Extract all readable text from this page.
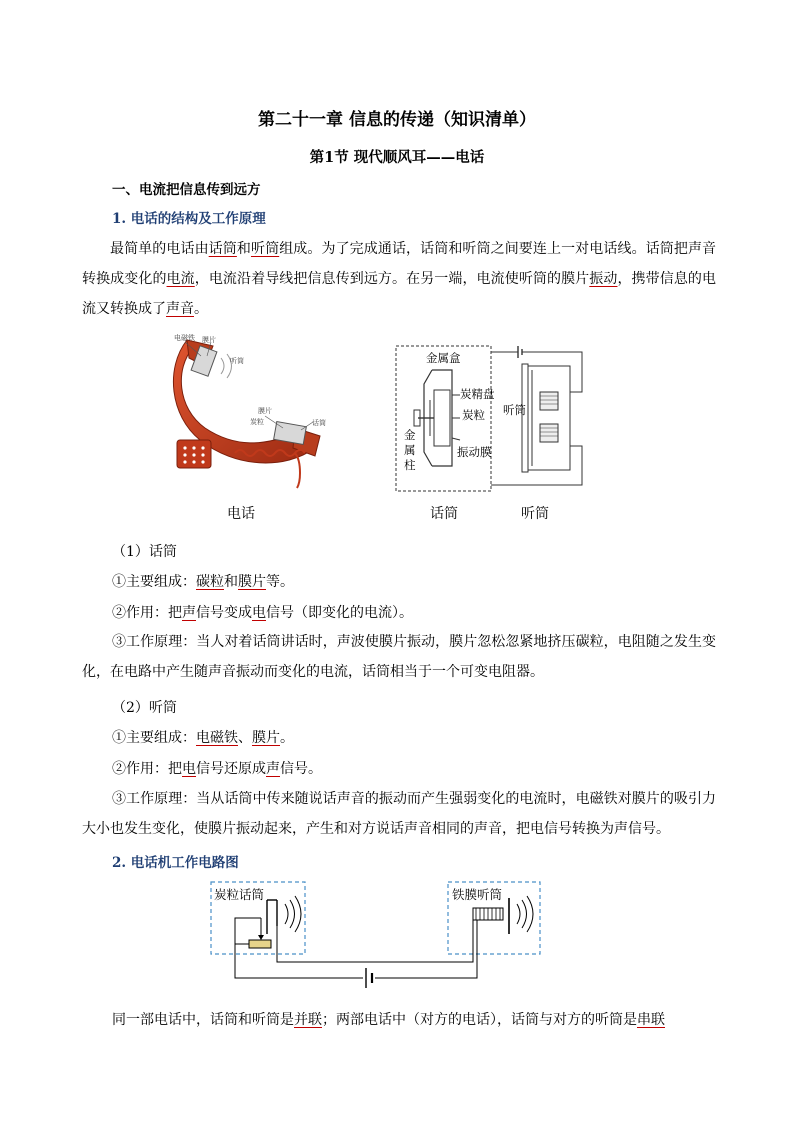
第二十一章 信息的传递（知识清单）
第1节 现代顺风耳——电话
一、电流把信息传到远方
1. 电话的结构及工作原理
最简单的电话由话筒和听筒组成。为了完成通话，话筒和听筒之间要连上一对电话线。话筒把声音转换成变化的电流，电流沿着导线把信息传到远方。在另一端，电流使听筒的膜片振动，携带信息的电流又转换成了声音。
电磁铁 膜片
听筒
膜片
炭粒	话筒
金属盒
炭精盘
炭粒
金属柱
振动膜
听筒
电话	话筒	听筒
（1）话筒
①主要组成：碳粒和膜片等。
②作用：把声信号变成电信号（即变化的电流）。
③工作原理：当人对着话筒讲话时，声波使膜片振动，膜片忽松忽紧地挤压碳粒，电阻随之发生变化，在电路中产生随声音振动而变化的电流，话筒相当于一个可变电阻器。
（2）听筒
①主要组成：电磁铁、膜片。
②作用：把电信号还原成声信号。
③工作原理：当从话筒中传来随说话声音的振动而产生强弱变化的电流时，电磁铁对膜片的吸引力大小也发生变化，使膜片振动起来，产生和对方说话声音相同的声音，把电信号转换为声信号。
2. 电话机工作电路图
炭粒话筒	铁膜听筒
同一部电话中，话筒和听筒是并联；两部电话中（对方的电话），话筒与对方的听筒是串联
